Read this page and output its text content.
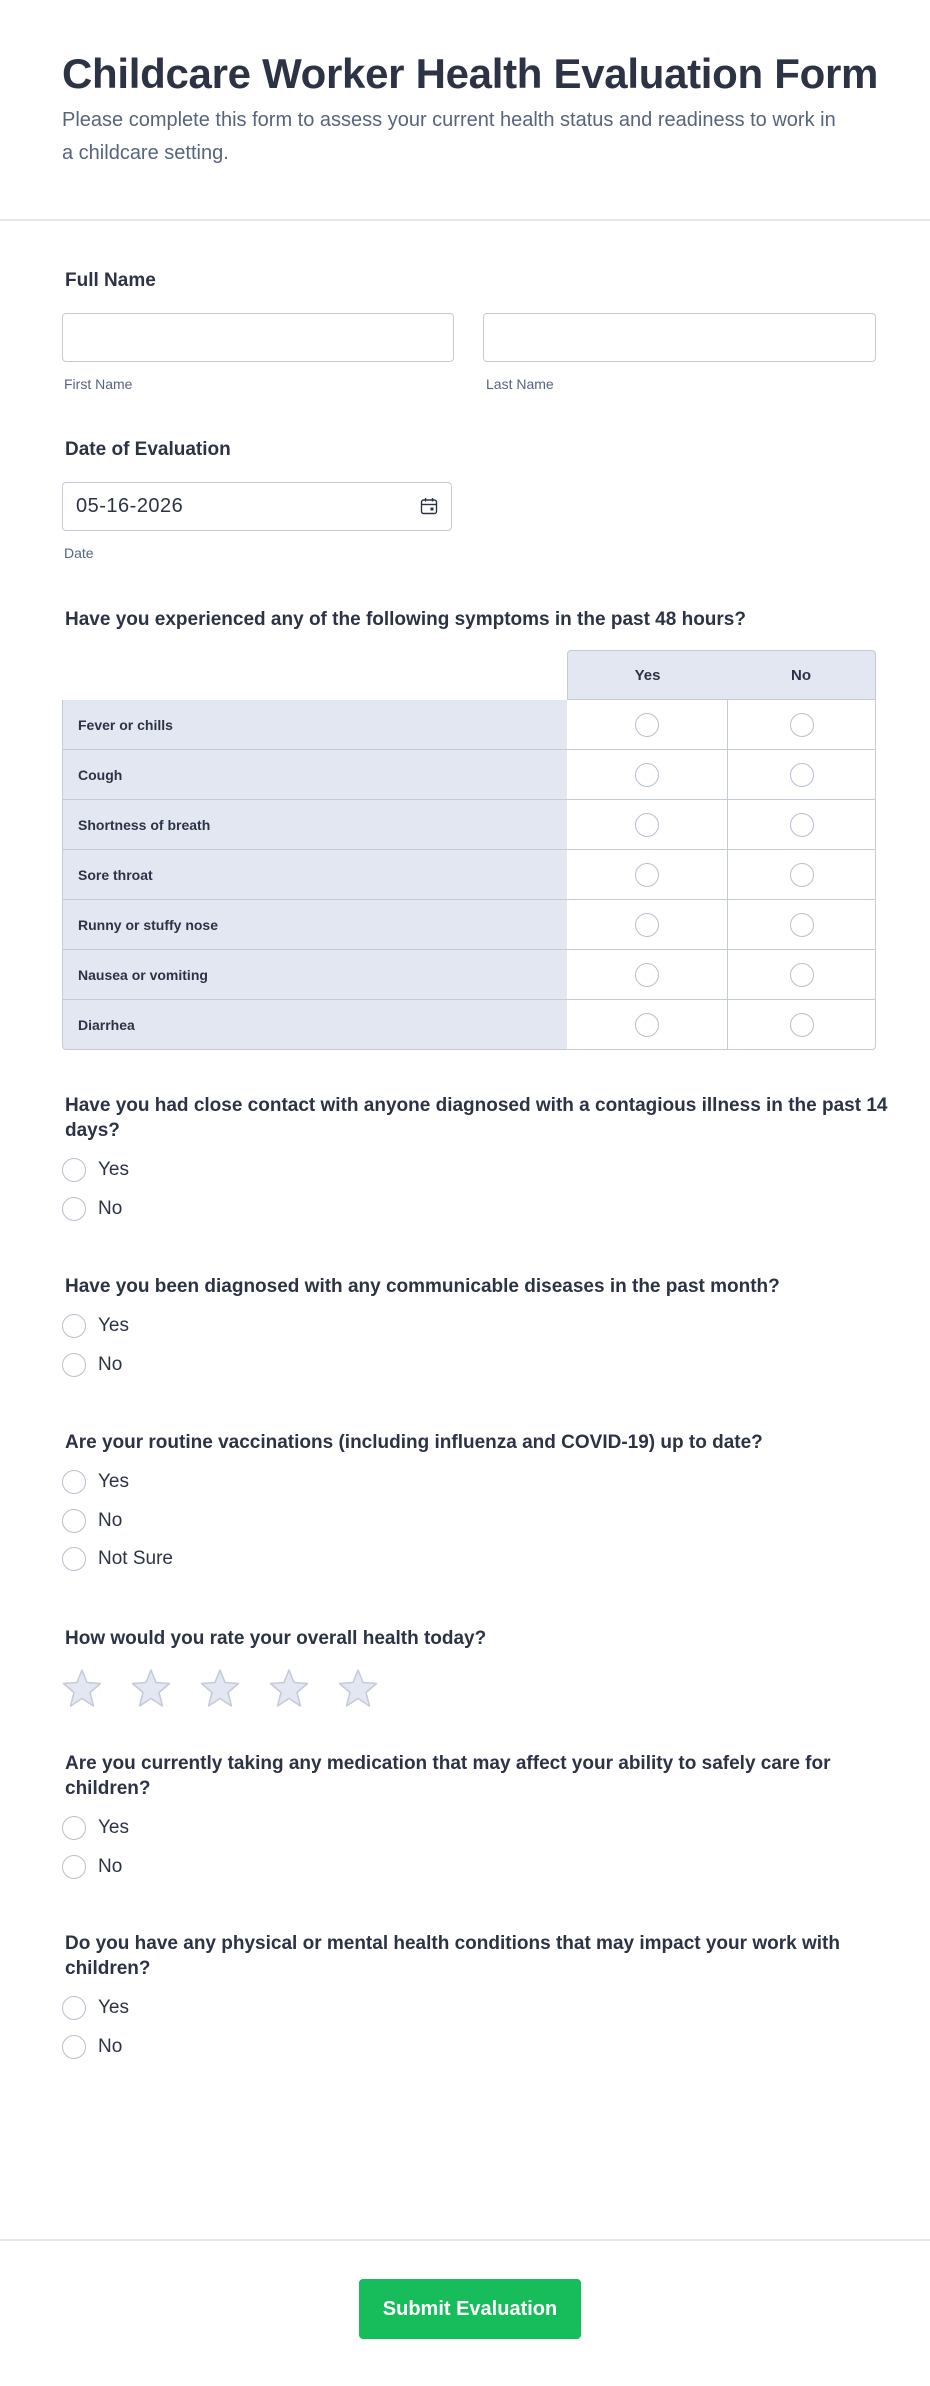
Childcare Worker Health Evaluation Form
Please complete this form to assess your current health status and readiness to work in a childcare setting.
Full Name
First Name	Last Name
Date of Evaluation
05-16-2026
Date
Have you experienced any of the following symptoms in the past 48 hours?
Yes	No
Fever or chills
Cough
Shortness of breath
Sore throat
Runny or stuffy nose
Nausea or vomiting
Diarrhea
Have you had close contact with anyone diagnosed with a contagious illness in the past 14 days?
Yes
No
Have you been diagnosed with any communicable diseases in the past month?
Yes
No
Are your routine vaccinations (including influenza and COVID-19) up to date?
Yes
No
Not Sure
How would you rate your overall health today?
Are you currently taking any medication that may affect your ability to safely care for children?
Yes
No
Do you have any physical or mental health conditions that may impact your work with children?
Yes
No
Submit Evaluation
